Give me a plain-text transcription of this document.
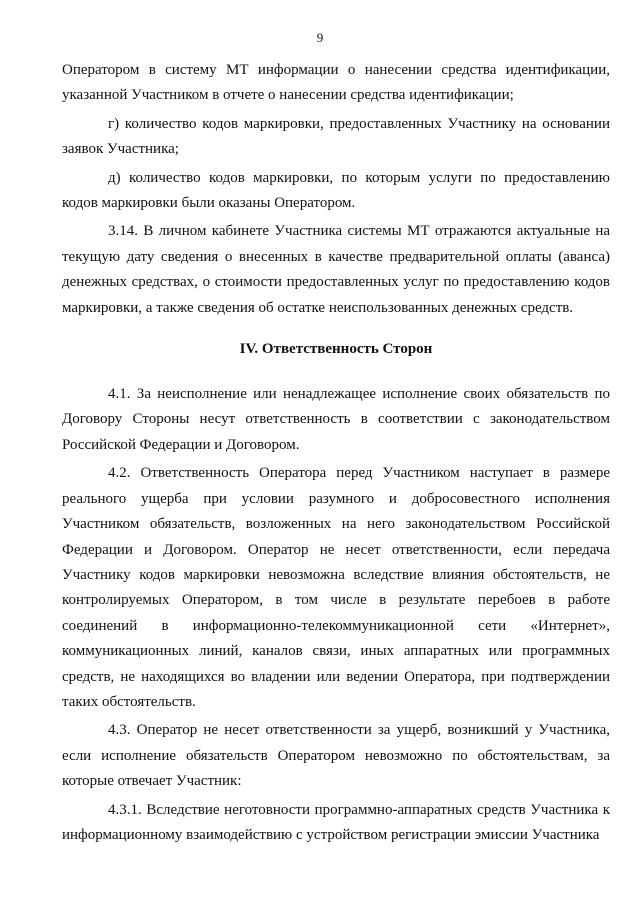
9

Оператором в систему МТ информации о нанесении средства идентификации, указанной Участником в отчете о нанесении средства идентификации;

г) количество кодов маркировки, предоставленных Участнику на основании заявок Участника;

д) количество кодов маркировки, по которым услуги по предоставлению кодов маркировки были оказаны Оператором.

3.14. В личном кабинете Участника системы МТ отражаются актуальные на текущую дату сведения о внесенных в качестве предварительной оплаты (аванса) денежных средствах, о стоимости предоставленных услуг по предоставлению кодов маркировки, а также сведения об остатке неиспользованных денежных средств.

IV. Ответственность Сторон

4.1. За неисполнение или ненадлежащее исполнение своих обязательств по Договору Стороны несут ответственность в соответствии с законодательством Российской Федерации и Договором.

4.2. Ответственность Оператора перед Участником наступает в размере реального ущерба при условии разумного и добросовестного исполнения Участником обязательств, возложенных на него законодательством Российской Федерации и Договором. Оператор не несет ответственности, если передача Участнику кодов маркировки невозможна вследствие влияния обстоятельств, не контролируемых Оператором, в том числе в результате перебоев в работе соединений в информационно-телекоммуникационной сети «Интернет», коммуникационных линий, каналов связи, иных аппаратных или программных средств, не находящихся во владении или ведении Оператора, при подтверждении таких обстоятельств.

4.3. Оператор не несет ответственности за ущерб, возникший у Участника, если исполнение обязательств Оператором невозможно по обстоятельствам, за которые отвечает Участник:

4.3.1. Вследствие неготовности программно-аппаратных средств Участника к информационному взаимодействию с устройством регистрации эмиссии Участника
